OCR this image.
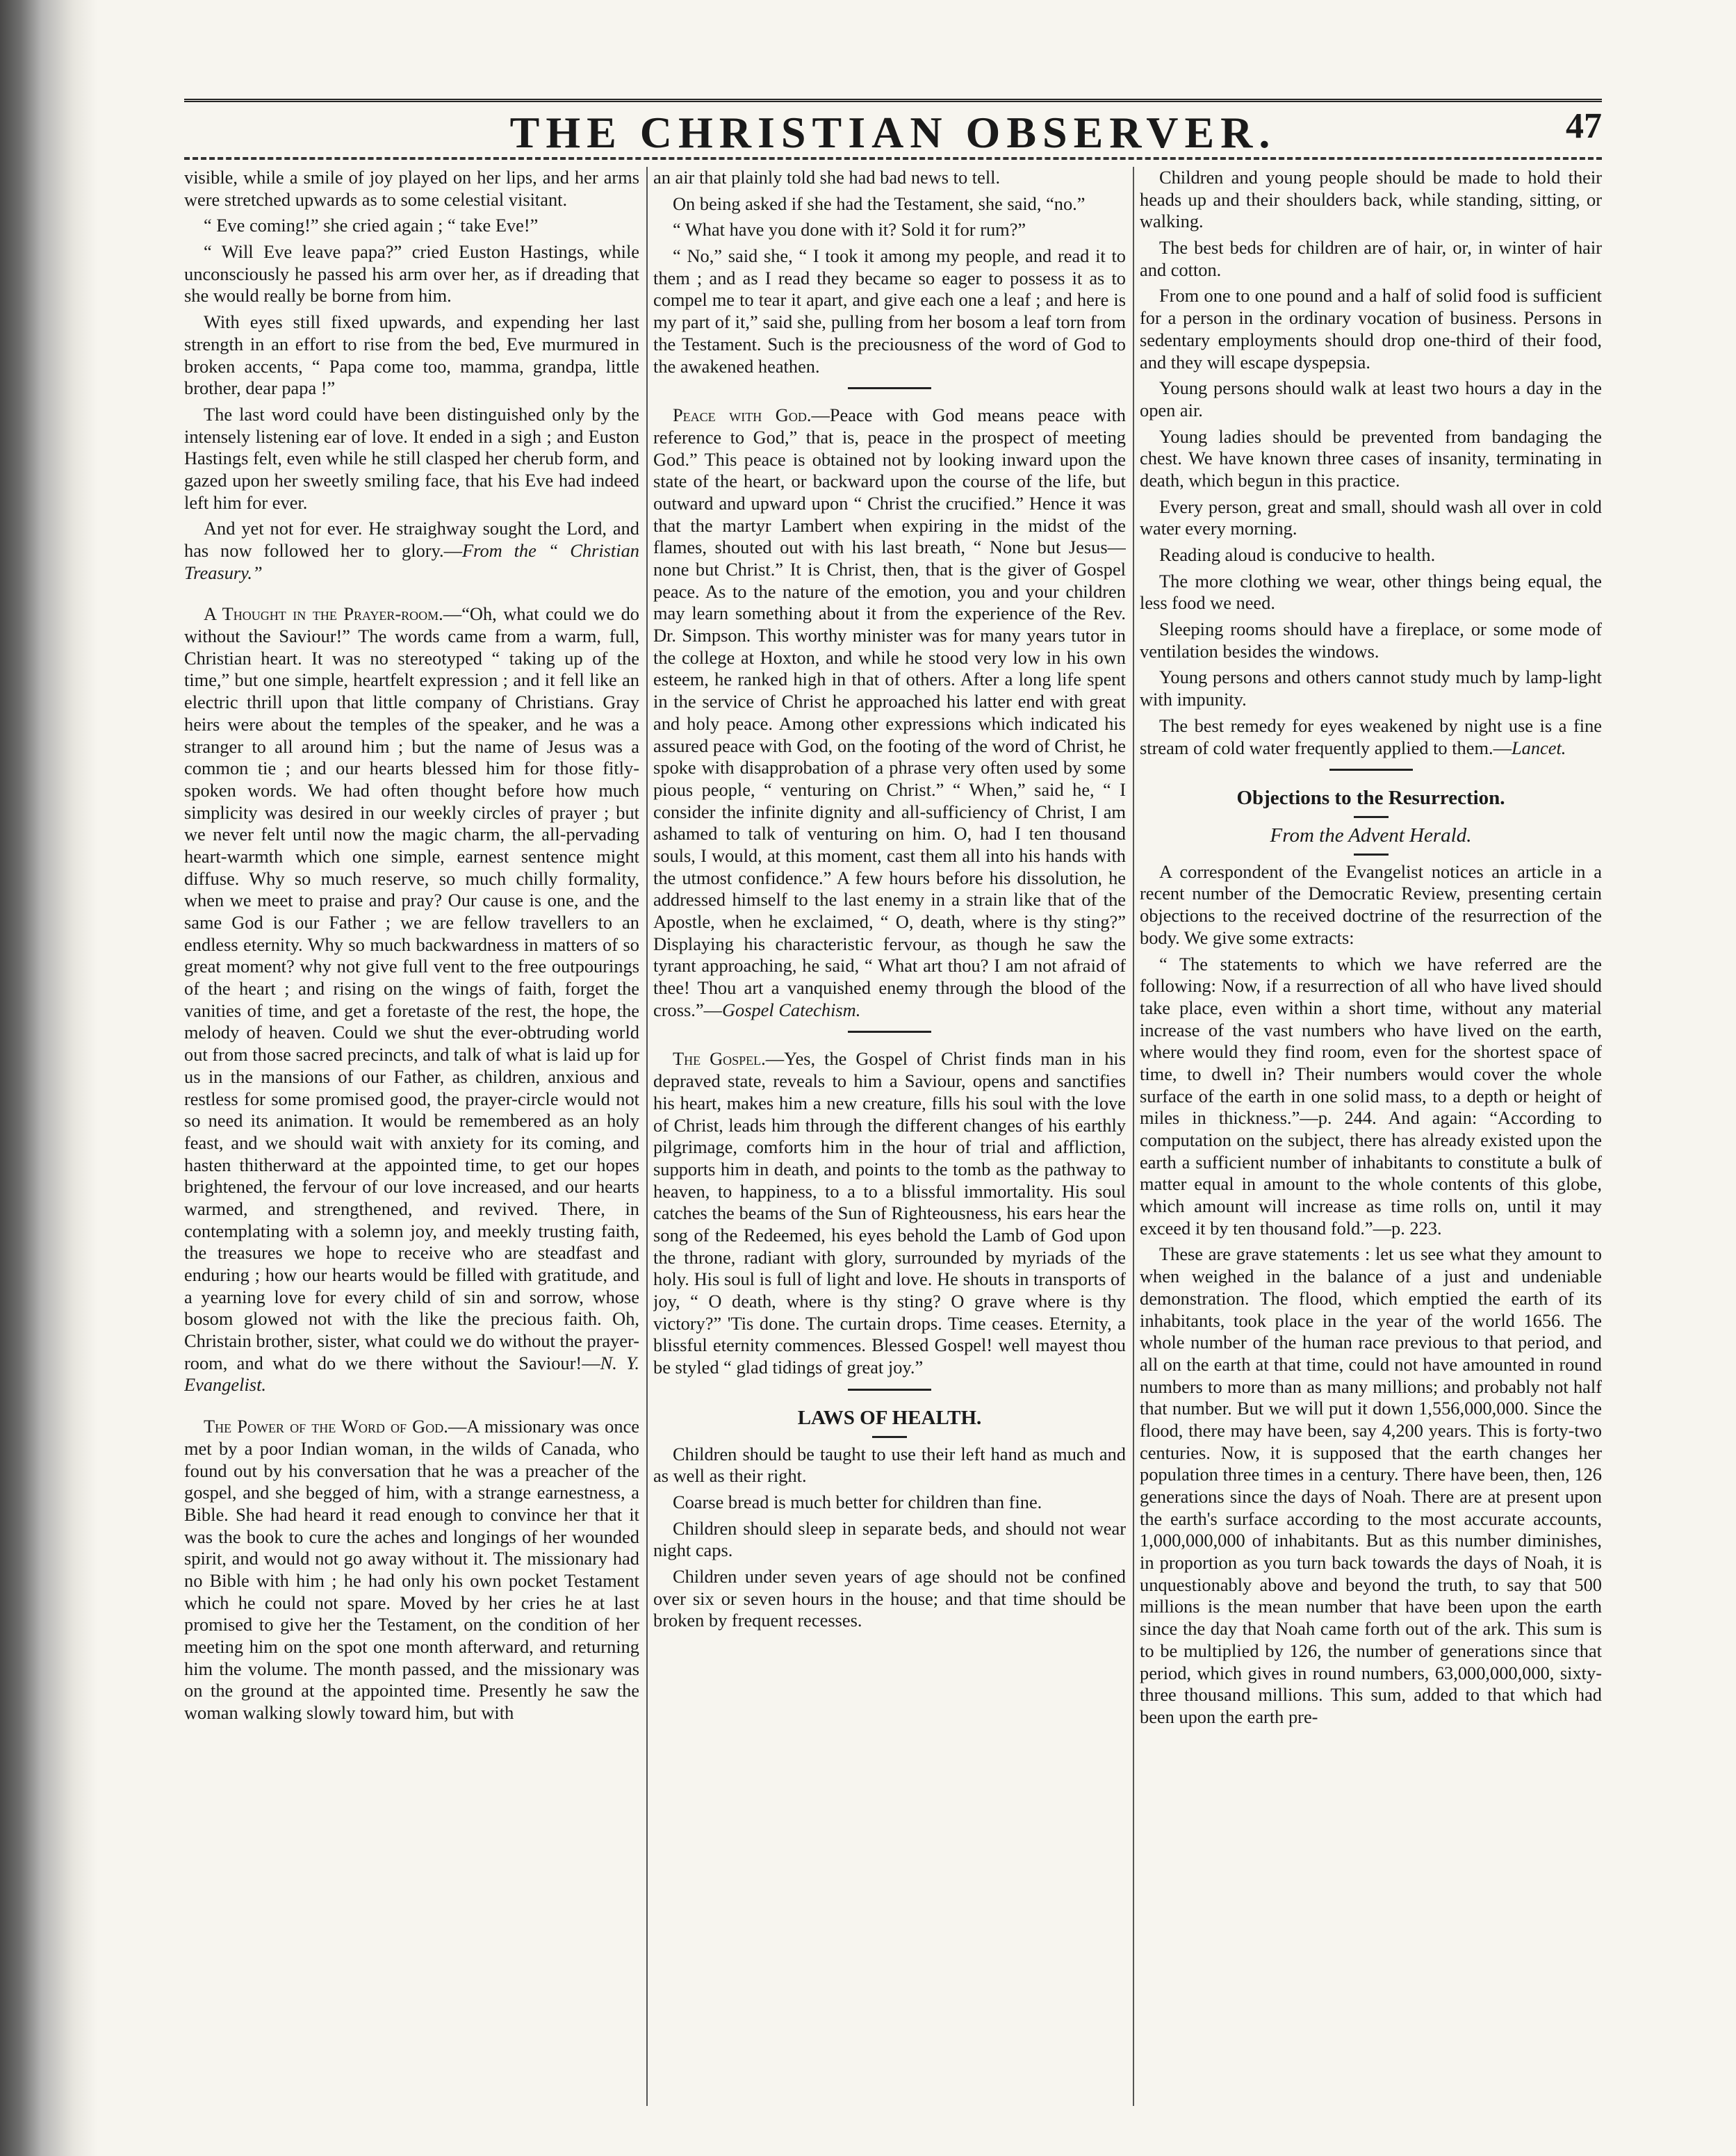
THE CHRISTIAN OBSERVER.	47

visible, while a smile of joy played on her lips, and her arms were stretched upwards as to some celestial visitant.

“ Eve coming!” she cried again ; “ take Eve!”

“ Will Eve leave papa?” cried Euston Hastings, while unconsciously he passed his arm over her, as if dreading that she would really be borne from him.

With eyes still fixed upwards, and expending her last strength in an effort to rise from the bed, Eve murmured in broken accents, “ Papa come too, mamma, grandpa, little brother, dear papa !”

The last word could have been distinguished only by the intensely listening ear of love. It ended in a sigh ; and Euston Hastings felt, even while he still clasped her cherub form, and gazed upon her sweetly smiling face, that his Eve had indeed left him for ever.

And yet not for ever. He straighway sought the Lord, and has now followed her to glory.—From the “ Christian Treasury.”

A Thought in the Prayer-room.—“Oh, what could we do without the Saviour!” The words came from a warm, full, Christian heart. It was no stereotyped “ taking up of the time,” but one simple, heartfelt expression ; and it fell like an electric thrill upon that little company of Christians. Gray heirs were about the temples of the speaker, and he was a stranger to all around him ; but the name of Jesus was a common tie ; and our hearts blessed him for those fitly-spoken words. We had often thought before how much simplicity was desired in our weekly circles of prayer ; but we never felt until now the magic charm, the all-pervading heart-warmth which one simple, earnest sentence might diffuse. Why so much reserve, so much chilly formality, when we meet to praise and pray? Our cause is one, and the same God is our Father ; we are fellow travellers to an endless eternity. Why so much backwardness in matters of so great moment? why not give full vent to the free outpourings of the heart ; and rising on the wings of faith, forget the vanities of time, and get a foretaste of the rest, the hope, the melody of heaven. Could we shut the ever-obtruding world out from those sacred precincts, and talk of what is laid up for us in the mansions of our Father, as children, anxious and restless for some promised good, the prayer-circle would not so need its animation. It would be remembered as an holy feast, and we should wait with anxiety for its coming, and hasten thitherward at the appointed time, to get our hopes brightened, the fervour of our love increased, and our hearts warmed, and strengthened, and revived. There, in contemplating with a solemn joy, and meekly trusting faith, the treasures we hope to receive who are steadfast and enduring ; how our hearts would be filled with gratitude, and a yearning love for every child of sin and sorrow, whose bosom glowed not with the like the precious faith. Oh, Christain brother, sister, what could we do without the prayer-room, and what do we there without the Saviour!—N. Y. Evangelist.

The Power of the Word of God.—A missionary was once met by a poor Indian woman, in the wilds of Canada, who found out by his conversation that he was a preacher of the gospel, and she begged of him, with a strange earnestness, a Bible. She had heard it read enough to convince her that it was the book to cure the aches and longings of her wounded spirit, and would not go away without it. The missionary had no Bible with him ; he had only his own pocket Testament which he could not spare. Moved by her cries he at last promised to give her the Testament, on the condition of her meeting him on the spot one month afterward, and returning him the volume. The month passed, and the missionary was on the ground at the appointed time. Presently he saw the woman walking slowly toward him, but with

an air that plainly told she had bad news to tell.

On being asked if she had the Testament, she said, “no.”

“ What have you done with it? Sold it for rum?”

“ No,” said she, “ I took it among my people, and read it to them ; and as I read they became so eager to possess it as to compel me to tear it apart, and give each one a leaf ; and here is my part of it,” said she, pulling from her bosom a leaf torn from the Testament. Such is the preciousness of the word of God to the awakened heathen.

Peace with God.—Peace with God means peace with reference to God,” that is, peace in the prospect of meeting God.” This peace is obtained not by looking inward upon the state of the heart, or backward upon the course of the life, but outward and upward upon “ Christ the crucified.” Hence it was that the martyr Lambert when expiring in the midst of the flames, shouted out with his last breath, “ None but Jesus—none but Christ.” It is Christ, then, that is the giver of Gospel peace. As to the nature of the emotion, you and your children may learn something about it from the experience of the Rev. Dr. Simpson. This worthy minister was for many years tutor in the college at Hoxton, and while he stood very low in his own esteem, he ranked high in that of others. After a long life spent in the service of Christ he approached his latter end with great and holy peace. Among other expressions which indicated his assured peace with God, on the footing of the word of Christ, he spoke with disapprobation of a phrase very often used by some pious people, “ venturing on Christ.” “ When,” said he, “ I consider the infinite dignity and all-sufficiency of Christ, I am ashamed to talk of venturing on him. O, had I ten thousand souls, I would, at this moment, cast them all into his hands with the utmost confidence.” A few hours before his dissolution, he addressed himself to the last enemy in a strain like that of the Apostle, when he exclaimed, “ O, death, where is thy sting?” Displaying his characteristic fervour, as though he saw the tyrant approaching, he said, “ What art thou? I am not afraid of thee! Thou art a vanquished enemy through the blood of the cross.”—Gospel Catechism.

The Gospel.—Yes, the Gospel of Christ finds man in his depraved state, reveals to him a Saviour, opens and sanctifies his heart, makes him a new creature, fills his soul with the love of Christ, leads him through the different changes of his earthly pilgrimage, comforts him in the hour of trial and affliction, supports him in death, and points to the tomb as the pathway to heaven, to happiness, to a to a blissful immortality. His soul catches the beams of the Sun of Righteousness, his ears hear the song of the Redeemed, his eyes behold the Lamb of God upon the throne, radiant with glory, surrounded by myriads of the holy. His soul is full of light and love. He shouts in transports of joy, “ O death, where is thy sting? O grave where is thy victory?” 'Tis done. The curtain drops. Time ceases. Eternity, a blissful eternity commences. Blessed Gospel! well mayest thou be styled “ glad tidings of great joy.”

LAWS OF HEALTH.

Children should be taught to use their left hand as much and as well as their right.

Coarse bread is much better for children than fine.

Children should sleep in separate beds, and should not wear night caps.

Children under seven years of age should not be confined over six or seven hours in the house; and that time should be broken by frequent recesses.

Children and young people should be made to hold their heads up and their shoulders back, while standing, sitting, or walking.

The best beds for children are of hair, or, in winter of hair and cotton.

From one to one pound and a half of solid food is sufficient for a person in the ordinary vocation of business. Persons in sedentary employments should drop one-third of their food, and they will escape dyspepsia.

Young persons should walk at least two hours a day in the open air.

Young ladies should be prevented from bandaging the chest. We have known three cases of insanity, terminating in death, which begun in this practice.

Every person, great and small, should wash all over in cold water every morning.

Reading aloud is conducive to health.

The more clothing we wear, other things being equal, the less food we need.

Sleeping rooms should have a fireplace, or some mode of ventilation besides the windows.

Young persons and others cannot study much by lamp-light with impunity.

The best remedy for eyes weakened by night use is a fine stream of cold water frequently applied to them.—Lancet.

Objections to the Resurrection.

From the Advent Herald.

A correspondent of the Evangelist notices an article in a recent number of the Democratic Review, presenting certain objections to the received doctrine of the resurrection of the body. We give some extracts:

“ The statements to which we have referred are the following: Now, if a resurrection of all who have lived should take place, even within a short time, without any material increase of the vast numbers who have lived on the earth, where would they find room, even for the shortest space of time, to dwell in? Their numbers would cover the whole surface of the earth in one solid mass, to a depth or height of miles in thickness.”—p. 244. And again: “According to computation on the subject, there has already existed upon the earth a sufficient number of inhabitants to constitute a bulk of matter equal in amount to the whole contents of this globe, which amount will increase as time rolls on, until it may exceed it by ten thousand fold.”—p. 223.

These are grave statements : let us see what they amount to when weighed in the balance of a just and undeniable demonstration. The flood, which emptied the earth of its inhabitants, took place in the year of the world 1656. The whole number of the human race previous to that period, and all on the earth at that time, could not have amounted in round numbers to more than as many millions; and probably not half that number. But we will put it down 1,556,000,000. Since the flood, there may have been, say 4,200 years. This is forty-two centuries. Now, it is supposed that the earth changes her population three times in a century. There have been, then, 126 generations since the days of Noah. There are at present upon the earth's surface according to the most accurate accounts, 1,000,000,000 of inhabitants. But as this number diminishes, in proportion as you turn back towards the days of Noah, it is unquestionably above and beyond the truth, to say that 500 millions is the mean number that have been upon the earth since the day that Noah came forth out of the ark. This sum is to be multiplied by 126, the number of generations since that period, which gives in round numbers, 63,000,000,000, sixty-three thousand millions. This sum, added to that which had been upon the earth pre-
